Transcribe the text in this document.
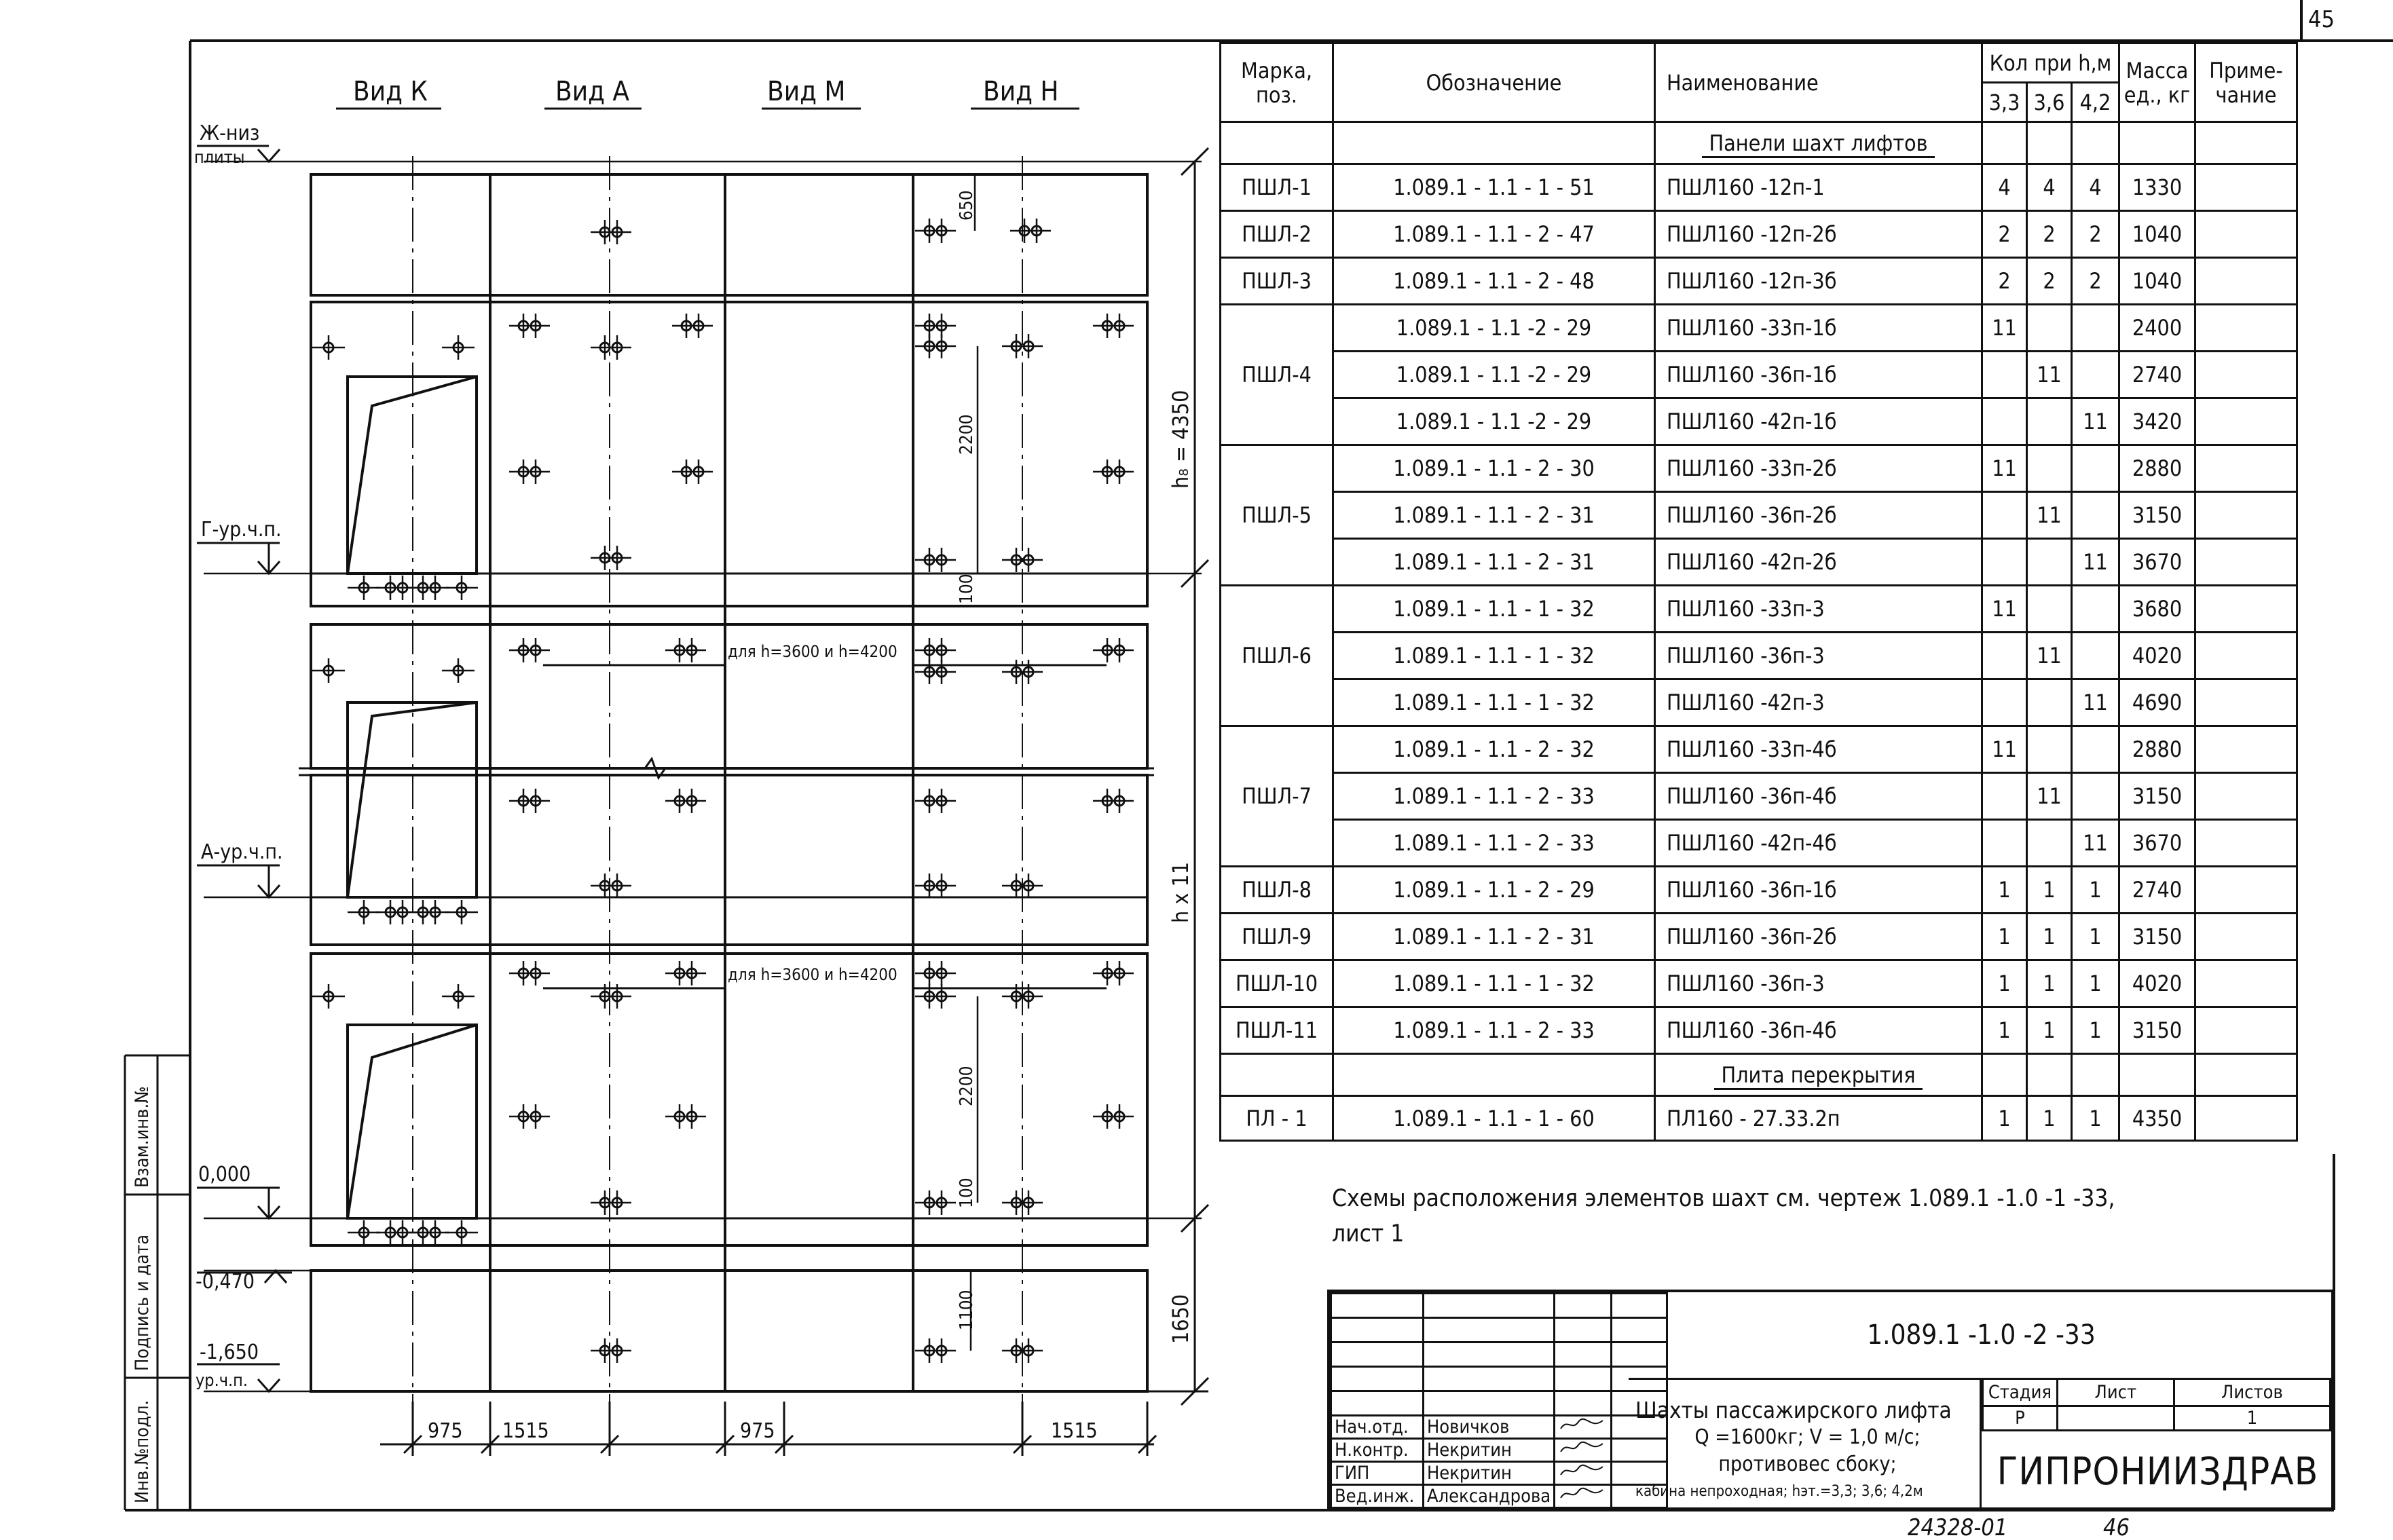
Инв.№подл.
Подпись и дата
Взам.инв.№
Вид К	Вид А	Вид М	Вид Н
Ж-низ
плиты
Г-ур.ч.п.
А-ур.ч.п.
0,000
-0,470
-1,650
ур.ч.п.
для h=3600 и h=4200
для h=3600 и h=4200
650
2200
100
2200
100
1100
h₈ = 4350
h x 11
1650
975 1515	975	1515
45
24328-01	46
Марка, поз.	Обозначение	Наименование	Кол при h,м			Масса ед., кг	Приме- чание
			3,3	3,6	4,2		
		Панели шахт лифтов					
ПШЛ-1	1.089.1 - 1.1 - 1 - 51	ПШЛ160 -12п-1	4	4	4	1330	
ПШЛ-2	1.089.1 - 1.1 - 2 - 47	ПШЛ160 -12п-2б	2	2	2	1040	
ПШЛ-3	1.089.1 - 1.1 - 2 - 48	ПШЛ160 -12п-3б	2	2	2	1040	
ПШЛ-4	1.089.1 - 1.1 -2 - 29	ПШЛ160 -33п-1б	11			2400	
	1.089.1 - 1.1 -2 - 29	ПШЛ160 -36п-1б		11		2740	
	1.089.1 - 1.1 -2 - 29	ПШЛ160 -42п-1б			11	3420	
ПШЛ-5	1.089.1 - 1.1 - 2 - 30	ПШЛ160 -33п-2б	11			2880	
	1.089.1 - 1.1 - 2 - 31	ПШЛ160 -36п-2б		11		3150	
	1.089.1 - 1.1 - 2 - 31	ПШЛ160 -42п-2б			11	3670	
ПШЛ-6	1.089.1 - 1.1 - 1 - 32	ПШЛ160 -33п-3	11			3680	
	1.089.1 - 1.1 - 1 - 32	ПШЛ160 -36п-3		11		4020	
	1.089.1 - 1.1 - 1 - 32	ПШЛ160 -42п-3			11	4690	
ПШЛ-7	1.089.1 - 1.1 - 2 - 32	ПШЛ160 -33п-4б	11			2880	
	1.089.1 - 1.1 - 2 - 33	ПШЛ160 -36п-4б		11		3150	
	1.089.1 - 1.1 - 2 - 33	ПШЛ160 -42п-4б			11	3670	
ПШЛ-8	1.089.1 - 1.1 - 2 - 29	ПШЛ160 -36п-1б	1	1	1	2740	
ПШЛ-9	1.089.1 - 1.1 - 2 - 31	ПШЛ160 -36п-2б	1	1	1	3150	
ПШЛ-10	1.089.1 - 1.1 - 1 - 32	ПШЛ160 -36п-3	1	1	1	4020	
ПШЛ-11	1.089.1 - 1.1 - 2 - 33	ПШЛ160 -36п-4б	1	1	1	3150	
		Плита перекрытия					
ПЛ - 1	1.089.1 - 1.1 - 1 - 60	ПЛ160 - 27.33.2п	1	1	1	4350	
Схемы расположения элементов шахт см. чертеж 1.089.1 -1.0 -1 -33,
лист 1

Нач.отд.	Новичков		
Н.контр.	Некритин		
ГИП	Некритин		
Вед.инж.	Александрова		
1.089.1 -1.0 -2 -33
Шахты пассажирского лифта
Q =1600кг; V = 1,0 м/с;
противовес сбоку;
кабина непроходная; hэт.=3,3; 3,6; 4,2м
Стадия	Лист	Листов
Р		1
ГИПРОНИИЗДРАВ
